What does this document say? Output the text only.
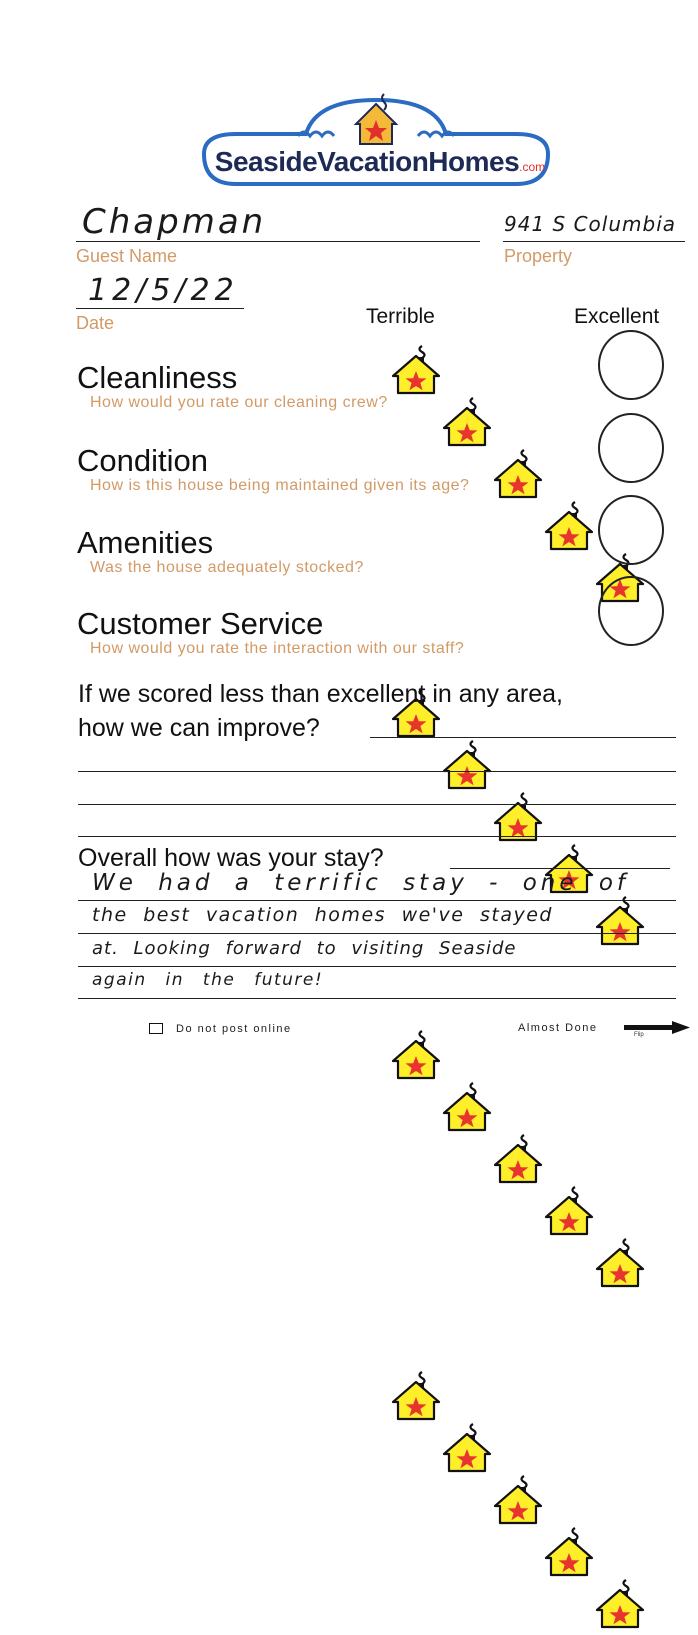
SeasideVacationHomes.com
Chapman
Guest Name
941 S Columbia
Property
12/5/22
Date	Terrible	Excellent
Cleanliness
How would you rate our cleaning crew?
Condition
How is this house being maintained given its age?
Amenities
Was the house adequately stocked?
Customer Service
How would you rate the interaction with our staff?
If we scored less than excellent in any area,
how we can improve?
Overall how was your stay?
We had a terrific stay - one of
the best vacation homes we've stayed
at. Looking forward to visiting Seaside
again in the future!
Do not post online	Almost Done
Flip
